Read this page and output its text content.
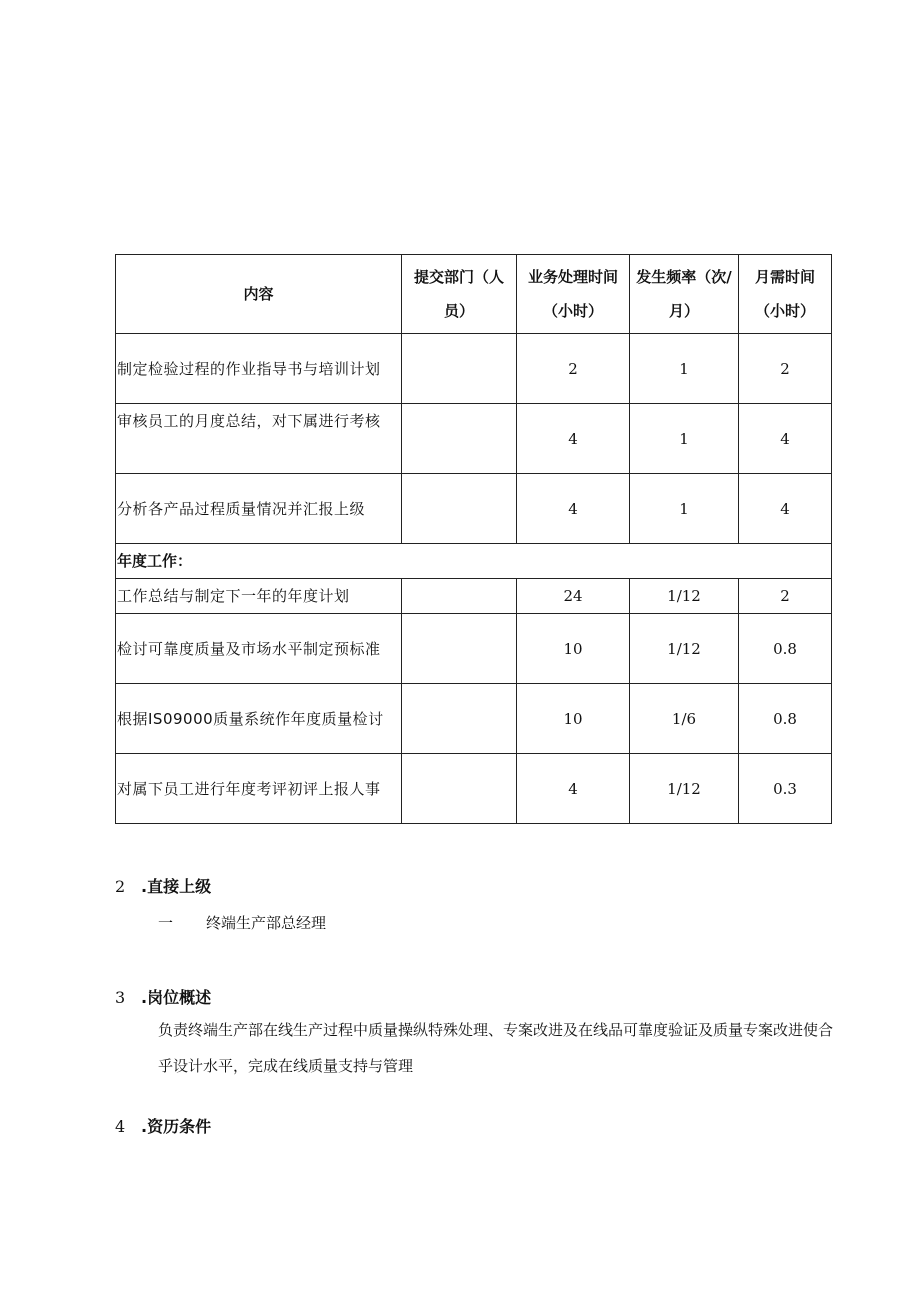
内容	提交部门（人员）	业务处理时间（小时）	发生频率（次/月）	月需时间（小时）
制定检验过程的作业指导书与培训计划		2	1	2
审核员工的月度总结，对下属进行考核		4	1	4
分析各产品过程质量情况并汇报上级		4	1	4
年度工作：				
工作总结与制定下一年的年度计划		24	1/12	2
检讨可靠度质量及市场水平制定预标准		10	1/12	0.8
根据IS09000质量系统作年度质量检讨		10	1/6	0.8
对属下员工进行年度考评初评上报人事		4	1/12	0.3
2 .直接上级
一 终端生产部总经理
3 .岗位概述
负责终端生产部在线生产过程中质量操纵特殊处理、专案改进及在线品可靠度验证及质量专案改进使合乎设计水平，完成在线质量支持与管理
4 .资历条件
